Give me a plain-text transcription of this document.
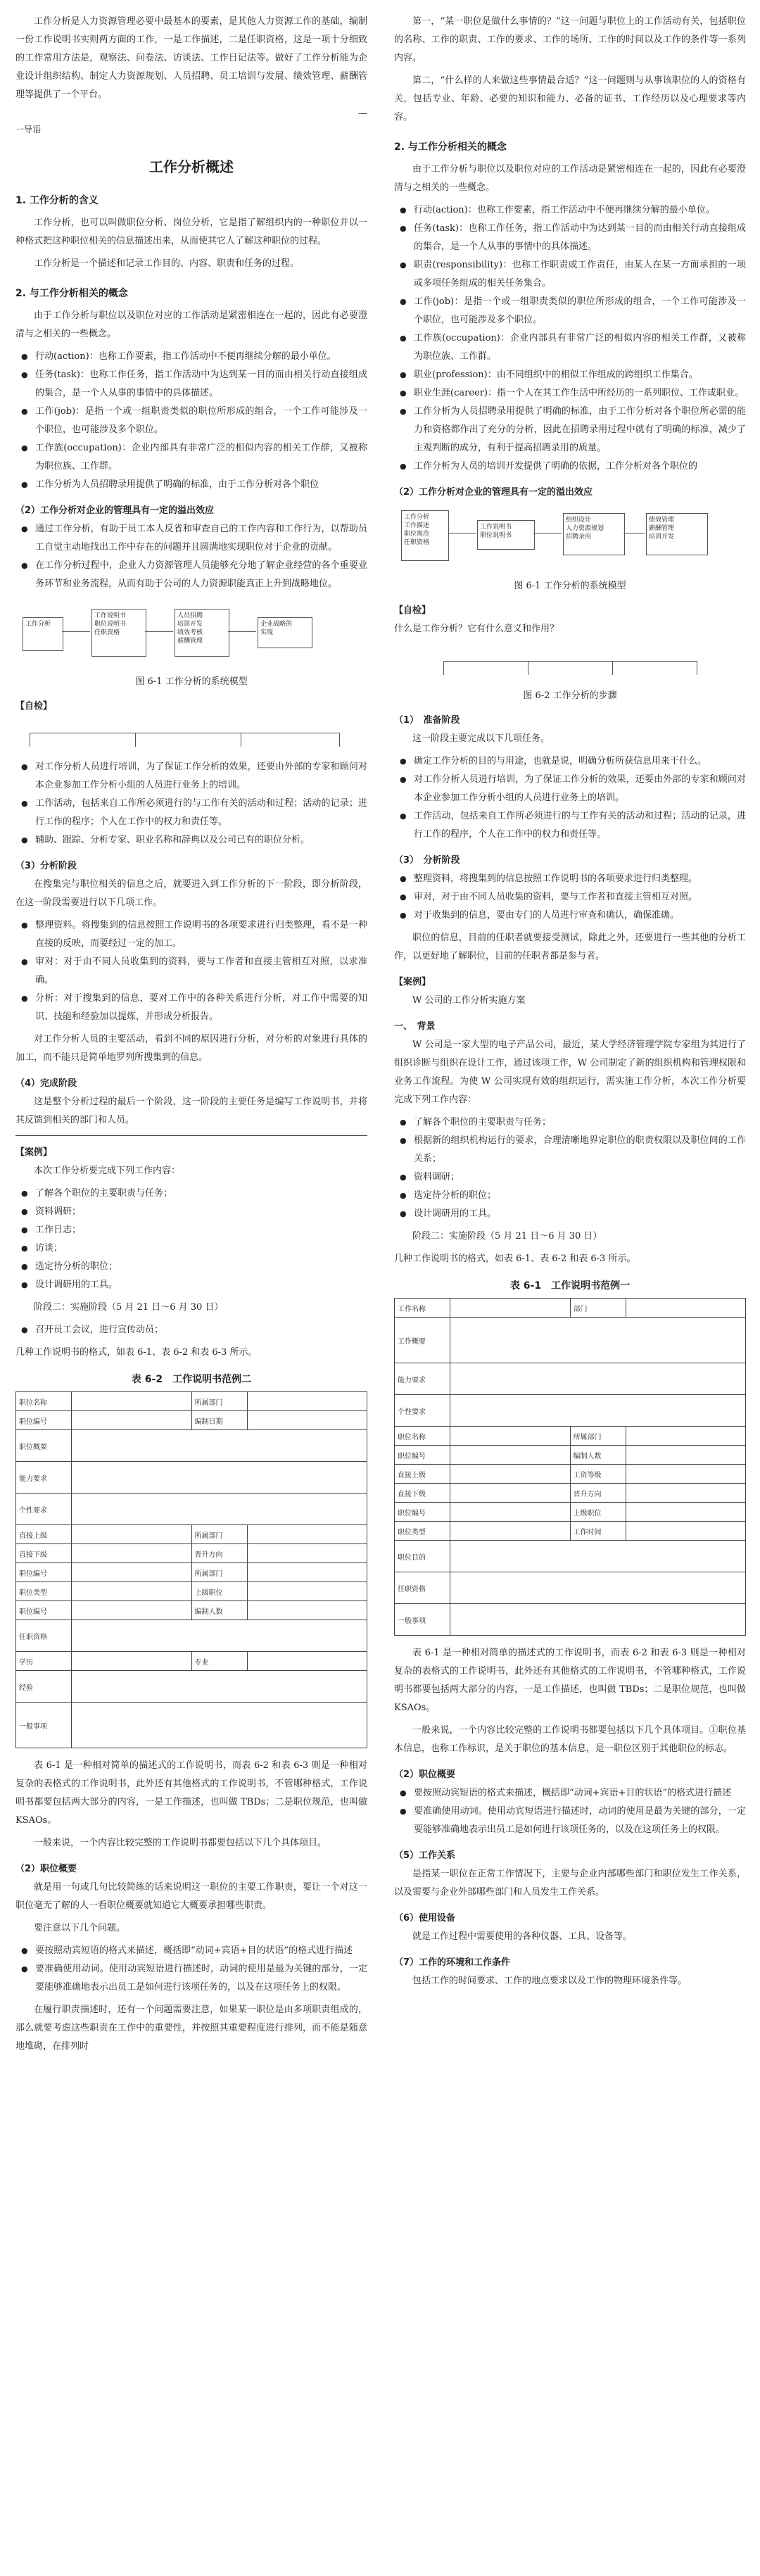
工作分析是人力资源管理必要中最基本的要素，是其他人力资源工作的基础，编制一份工作说明书实则两方面的工作，一是工作描述，二是任职资格，这是一项十分细致的工作常用方法是，观察法、问卷法、访谈法、工作日记法等。做好了工作分析能为企业设计组织结构、制定人力资源规划、人员招聘、员工培训与发展、绩效管理、薪酬管理等提供了一个平台。

—
一导语
工作分析概述
1. 工作分析的含义

工作分析，也可以叫做职位分析、岗位分析，它是指了解组织内的一种职位并以一种格式把这种职位相关的信息描述出来，从而使其它人了解这种职位的过程。

工作分析是一个描述和记录工作目的、内容、职责和任务的过程。

2. 与工作分析相关的概念

由于工作分析与职位以及职位对应的工作活动是紧密相连在一起的，因此有必要澄清与之相关的一些概念。

● 行动(action)：也称工作要素，指工作活动中不便再继续分解的最小单位。
● 任务(task)：也称工作任务，指工作活动中为达到某一目的而由相关行动直接组成的集合，是一个人从事的事情中的具体描述。
● 工作(job)：是指一个或一组职责类似的职位所形成的组合，一个工作可能涉及一个职位，也可能涉及多个职位。
● 工作族(occupation)：企业内部具有非常广泛的相似内容的相关工作群，又被称为职位族、工作群。
● 工作分析为人员招聘录用提供了明确的标准，由于工作分析对各个职位
（2）工作分析对企业的管理具有一定的溢出效应
● 通过工作分析，有助于员工本人反省和审查自己的工作内容和工作行为，以帮助员工自觉主动地找出工作中存在的问题并且圆满地实现职位对于企业的贡献。
● 在工作分析过程中，企业人力资源管理人员能够充分地了解企业经营的各个重要业务环节和业务流程，从而有助于公司的人力资源职能真正上升到战略地位。
工作分析
工作说明书
职位说明书
任职资格
人员招聘
培训开发
绩效考核
薪酬管理
企业战略的
实现
图 6-1 工作分析的系统模型
【自检】
● 对工作分析人员进行培训，为了保证工作分析的效果，还要由外部的专家和顾问对本企业参加工作分析小组的人员进行业务上的培训。
● 工作活动，包括来自工作所必须进行的与工作有关的活动和过程；活动的记录；进行工作的程序；个人在工作中的权力和责任等。
● 辅助、跟踪、分析专家、职业名称和辞典以及公司已有的职位分析。
（3）分析阶段

在搜集完与职位相关的信息之后，就要进入到工作分析的下一阶段，即分析阶段，在这一阶段需要进行以下几项工作。

● 整理资料。将搜集到的信息按照工作说明书的各项要求进行归类整理，看不是一种直接的反映，而要经过一定的加工。
● 审对：对于由不同人员收集到的资料，要与工作者和直接主管相互对照，以求准确。
● 分析：对于搜集到的信息，要对工作中的各种关系进行分析，对工作中需要的知识、技能和经验加以提炼，并形成分析报告。

对工作分析人员的主要活动，看到不同的原因进行分析，对分析的对象进行具体的加工，而不能只是简单地罗列所搜集到的信息。

（4）完成阶段

这是整个分析过程的最后一个阶段，这一阶段的主要任务是编写工作说明书，并将其反馈到相关的部门和人员。

【案例】

本次工作分析要完成下列工作内容：

● 了解各个职位的主要职责与任务；
● 资料调研；
● 工作日志；
● 访谈；
● 选定待分析的职位；
● 设计调研用的工具。

阶段二：实施阶段（5 月 21 日～6 月 30 日）

● 召开员工会议，进行宣传动员；

几种工作说明书的格式，如表 6-1、表 6-2 和表 6-3 所示。

表 6-2　工作说明书范例二
职位名称		所属部门	
职位编号		编制日期	
职位概要			
能力要求			
个性要求			
直接上级		所属部门	
直接下级		晋升方向	
职位编号		所属部门	
职位类型		上级职位	
职位编号		编制人数	
任职资格			
学历		专业	
经验			
一般事项			

表 6-1 是一种相对简单的描述式的工作说明书，而表 6-2 和表 6-3 则是一种相对复杂的表格式的工作说明书，此外还有其他格式的工作说明书，不管哪种格式，工作说明书都要包括两大部分的内容，一是工作描述，也叫做 TBDs；二是职位规范，也叫做 KSAOs。

一般来说，一个内容比较完整的工作说明书都要包括以下几个具体项目。

（2）职位概要

就是用一句或几句比较简练的话来说明这一职位的主要工作职责，要让一个对这一职位毫无了解的人一看职位概要就知道它大概要承担哪些职责。

要注意以下几个问题。

● 要按照动宾短语的格式来描述，概括即“动词+宾语+目的状语”的格式进行描述
● 要准确使用动词。使用动宾短语进行描述时，动词的使用是最为关键的部分，一定要能够准确地表示出员工是如何进行该项任务的，以及在这项任务上的权限。

在履行职责描述时，还有一个问题需要注意，如果某一职位是由多项职责组成的，那么就要考虑这些职责在工作中的重要性，并按照其重要程度进行排列，而不能是随意地堆砌，在排列时

第一，“某一职位是做什么事情的？”这一问题与职位上的工作活动有关，包括职位的名称、工作的职责、工作的要求、工作的场所、工作的时间以及工作的条件等一系列内容。

第二，“什么样的人来做这些事情最合适？”这一问题则与从事该职位的人的资格有关，包括专业、年龄、必要的知识和能力、必备的证书、工作经历以及心理要求等内容。

2. 与工作分析相关的概念

由于工作分析与职位以及职位对应的工作活动是紧密相连在一起的，因此有必要澄清与之相关的一些概念。

● 行动(action)：也称工作要素，指工作活动中不便再继续分解的最小单位。
● 任务(task)：也称工作任务，指工作活动中为达到某一目的而由相关行动直接组成的集合，是一个人从事的事情中的具体描述。
● 职责(responsibility)：也称工作职责或工作责任，由某人在某一方面承担的一项或多项任务组成的相关任务集合。
● 工作(job)：是指一个或一组职责类似的职位所形成的组合，一个工作可能涉及一个职位，也可能涉及多个职位。
● 工作族(occupation)：企业内部具有非常广泛的相似内容的相关工作群，又被称为职位族、工作群。
● 职业(profession)：由不同组织中的相似工作组成的跨组织工作集合。
● 职业生涯(career)：指一个人在其工作生活中所经历的一系列职位、工作或职业。
● 工作分析为人员招聘录用提供了明确的标准，由于工作分析对各个职位所必需的能力和资格都作出了充分的分析，因此在招聘录用过程中就有了明确的标准，减少了主观判断的成分，有利于提高招聘录用的质量。
● 工作分析为人员的培训开发提供了明确的依据，工作分析对各个职位的
（2）工作分析对企业的管理具有一定的溢出效应
工作分析
工作描述
职位规范
任职资格
工作说明书
职位说明书
组织设计
人力资源规划
招聘录用
绩效管理
薪酬管理
培训开发
图 6-1 工作分析的系统模型
【自检】

什么是工作分析？它有什么意义和作用？

图 6-2 工作分析的步骤
（1）　准备阶段

这一阶段主要完成以下几项任务。

● 确定工作分析的目的与用途，也就是说，明确分析所获信息用来干什么。
● 对工作分析人员进行培训，为了保证工作分析的效果，还要由外部的专家和顾问对本企业参加工作分析小组的人员进行业务上的培训。
● 工作活动，包括来自工作所必须进行的与工作有关的活动和过程；活动的记录，进行工作的程序，个人在工作中的权力和责任等。
（3）　分析阶段
● 整理资料，将搜集到的信息按照工作说明书的各项要求进行归类整理。
● 审对，对于由不同人员收集的资料，要与工作者和直接主管相互对照。
● 对于收集到的信息，要由专门的人员进行审查和确认，确保准确。

职位的信息，目前的任职者就要接受测试，除此之外，还要进行一些其他的分析工作，以更好地了解职位，目前的任职者都是参与者。

【案例】

W 公司的工作分析实施方案

一、　背景

W 公司是一家大型的电子产品公司，最近，某大学经济管理学院专家组为其进行了组织诊断与组织在设计工作，通过该项工作，W 公司制定了新的组织机构和管理权限和业务工作流程。为使 W 公司实现有效的组织运行，需实施工作分析，本次工作分析要完成下列工作内容：

● 了解各个职位的主要职责与任务；
● 根据新的组织机构运行的要求，合理清晰地界定职位的职责权限以及职位间的工作关系；
● 资料调研；
● 选定待分析的职位；
● 设计调研用的工具。

阶段二：实施阶段（5 月 21 日～6 月 30 日）

几种工作说明书的格式，如表 6-1、表 6-2 和表 6-3 所示。

表 6-1　工作说明书范例一
工作名称		部门	
工作概要			
能力要求			
个性要求			
职位名称		所属部门	
职位编号		编制人数	
直接上级		工资等级	
直接下级		晋升方向	
职位编号		上级职位	
职位类型		工作时间	
职位目的			
任职资格			
一般事项			

表 6-1 是一种相对简单的描述式的工作说明书，而表 6-2 和表 6-3 则是一种相对复杂的表格式的工作说明书，此外还有其他格式的工作说明书，不管哪种格式，工作说明书都要包括两大部分的内容，一是工作描述，也叫做 TBDs；二是职位规范，也叫做 KSAOs。

一般来说，一个内容比较完整的工作说明书都要包括以下几个具体项目。①职位基本信息，也称工作标识，是关于职位的基本信息，是一职位区别于其他职位的标志。

（2）职位概要
● 要按照动宾短语的格式来描述，概括即“动词+宾语+目的状语”的格式进行描述
● 要准确使用动词。使用动宾短语进行描述时，动词的使用是最为关键的部分，一定要能够准确地表示出员工是如何进行该项任务的，以及在这项任务上的权限。
（5）工作关系

是指某一职位在正常工作情况下，主要与企业内部哪些部门和职位发生工作关系，以及需要与企业外部哪些部门和人员发生工作关系。

（6）使用设备

就是工作过程中需要使用的各种仪器、工具、设备等。

（7）工作的环境和工作条件

包括工作的时间要求、工作的地点要求以及工作的物理环境条件等。
